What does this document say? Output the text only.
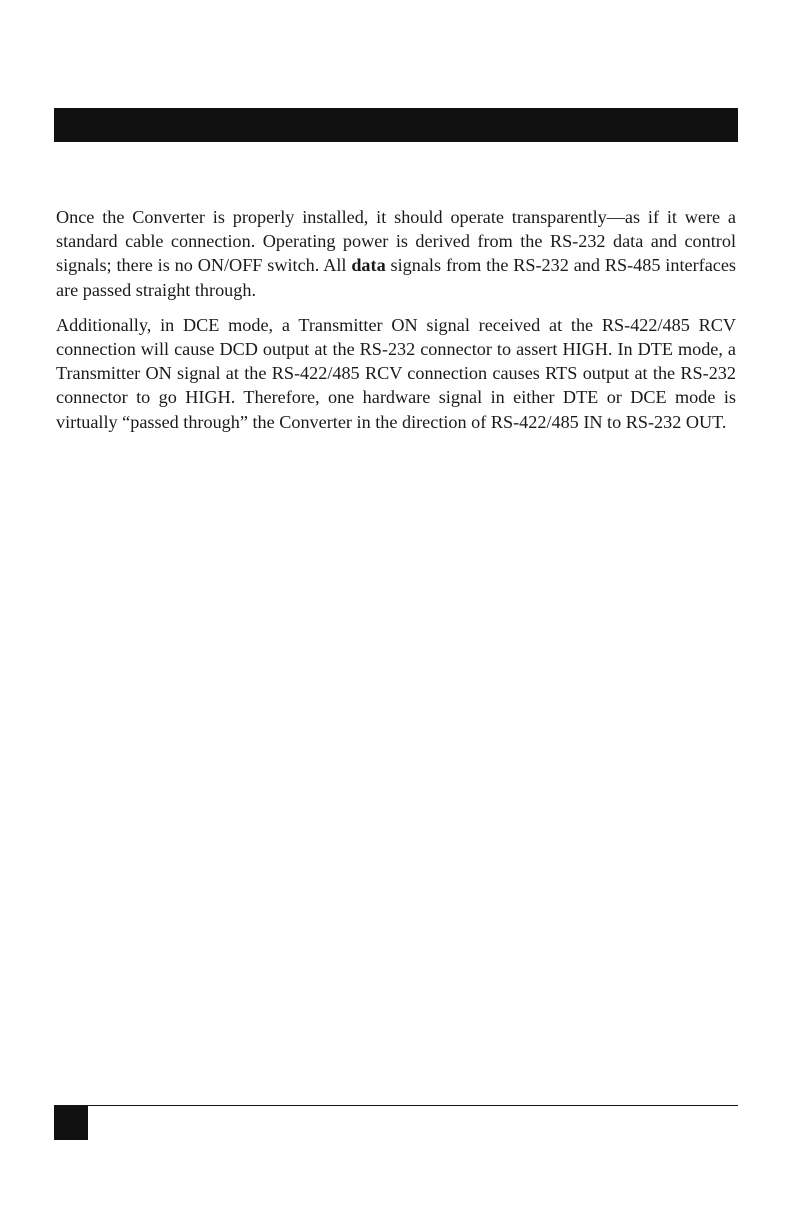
Once the Converter is properly installed, it should operate transparently—as if it were a standard cable connection. Operating power is derived from the RS-232 data and control signals; there is no ON/OFF switch. All data signals from the RS-232 and RS-485 interfaces are passed straight through.

Additionally, in DCE mode, a Transmitter ON signal received at the RS-422/485 RCV connection will cause DCD output at the RS-232 connector to assert HIGH. In DTE mode, a Transmitter ON signal at the RS-422/485 RCV connection causes RTS output at the RS-232 connector to go HIGH. Therefore, one hardware signal in either DTE or DCE mode is virtually “passed through” the Converter in the direction of RS-422/485 IN to RS-232 OUT.
